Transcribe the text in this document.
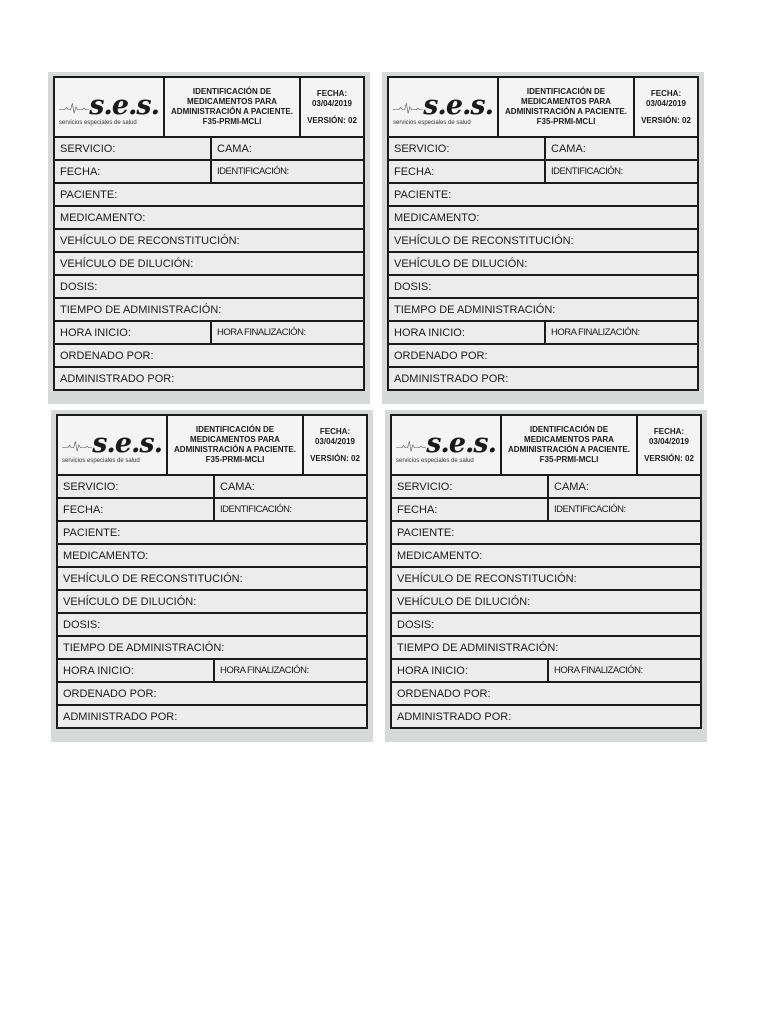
s.e.s.
servicios especiales de salud
IDENTIFICACIÓN DE
MEDICAMENTOS PARA
ADMINISTRACIÓN A PACIENTE.
F35-PRMI-MCLI
FECHA:
03/04/2019
VERSIÓN: 02
SERVICIO:	CAMA:
FECHA:	IDENTIFICACIÓN:
PACIENTE:
MEDICAMENTO:
VEHÍCULO DE RECONSTITUCIÓN:
VEHÍCULO DE DILUCIÓN:
DOSIS:
TIEMPO DE ADMINISTRACIÓN:
HORA INICIO:	HORA FINALIZACIÓN:
ORDENADO POR:
ADMINISTRADO POR:
s.e.s.
servicios especiales de salud
IDENTIFICACIÓN DE
MEDICAMENTOS PARA
ADMINISTRACIÓN A PACIENTE.
F35-PRMI-MCLI
FECHA:
03/04/2019
VERSIÓN: 02
SERVICIO:	CAMA:
FECHA:	IDENTIFICACIÓN:
PACIENTE:
MEDICAMENTO:
VEHÍCULO DE RECONSTITUCIÓN:
VEHÍCULO DE DILUCIÓN:
DOSIS:
TIEMPO DE ADMINISTRACIÓN:
HORA INICIO:	HORA FINALIZACIÓN:
ORDENADO POR:
ADMINISTRADO POR:
s.e.s.
servicios especiales de salud
IDENTIFICACIÓN DE
MEDICAMENTOS PARA
ADMINISTRACIÓN A PACIENTE.
F35-PRMI-MCLI
FECHA:
03/04/2019
VERSIÓN: 02
SERVICIO:	CAMA:
FECHA:	IDENTIFICACIÓN:
PACIENTE:
MEDICAMENTO:
VEHÍCULO DE RECONSTITUCIÓN:
VEHÍCULO DE DILUCIÓN:
DOSIS:
TIEMPO DE ADMINISTRACIÓN:
HORA INICIO:	HORA FINALIZACIÓN:
ORDENADO POR:
ADMINISTRADO POR:
s.e.s.
servicios especiales de salud
IDENTIFICACIÓN DE
MEDICAMENTOS PARA
ADMINISTRACIÓN A PACIENTE.
F35-PRMI-MCLI
FECHA:
03/04/2019
VERSIÓN: 02
SERVICIO:	CAMA:
FECHA:	IDENTIFICACIÓN:
PACIENTE:
MEDICAMENTO:
VEHÍCULO DE RECONSTITUCIÓN:
VEHÍCULO DE DILUCIÓN:
DOSIS:
TIEMPO DE ADMINISTRACIÓN:
HORA INICIO:	HORA FINALIZACIÓN:
ORDENADO POR:
ADMINISTRADO POR:
